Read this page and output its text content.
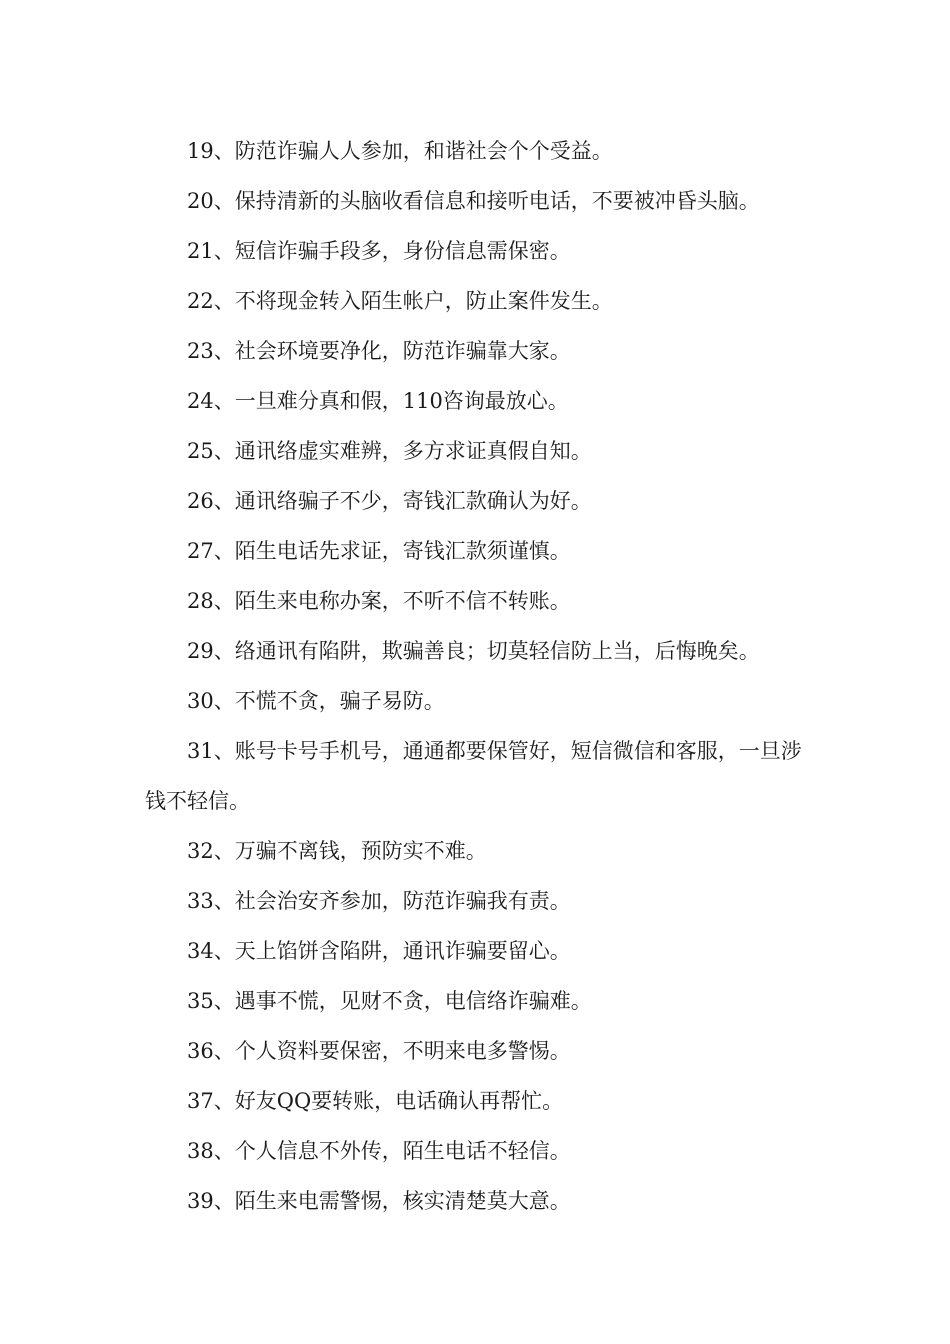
19、防范诈骗人人参加，和谐社会个个受益。

20、保持清新的头脑收看信息和接听电话，不要被冲昏头脑。

21、短信诈骗手段多，身份信息需保密。

22、不将现金转入陌生帐户，防止案件发生。

23、社会环境要净化，防范诈骗靠大家。

24、一旦难分真和假，110咨询最放心。

25、通讯络虚实难辨，多方求证真假自知。

26、通讯络骗子不少，寄钱汇款确认为好。

27、陌生电话先求证，寄钱汇款须谨慎。

28、陌生来电称办案，不听不信不转账。

29、络通讯有陷阱，欺骗善良；切莫轻信防上当，后悔晚矣。

30、不慌不贪，骗子易防。

31、账号卡号手机号，通通都要保管好，短信微信和客服，一旦涉钱不轻信。

32、万骗不离钱，预防实不难。

33、社会治安齐参加，防范诈骗我有责。

34、天上馅饼含陷阱，通讯诈骗要留心。

35、遇事不慌，见财不贪，电信络诈骗难。

36、个人资料要保密，不明来电多警惕。

37、好友QQ要转账，电话确认再帮忙。

38、个人信息不外传，陌生电话不轻信。

39、陌生来电需警惕，核实清楚莫大意。
